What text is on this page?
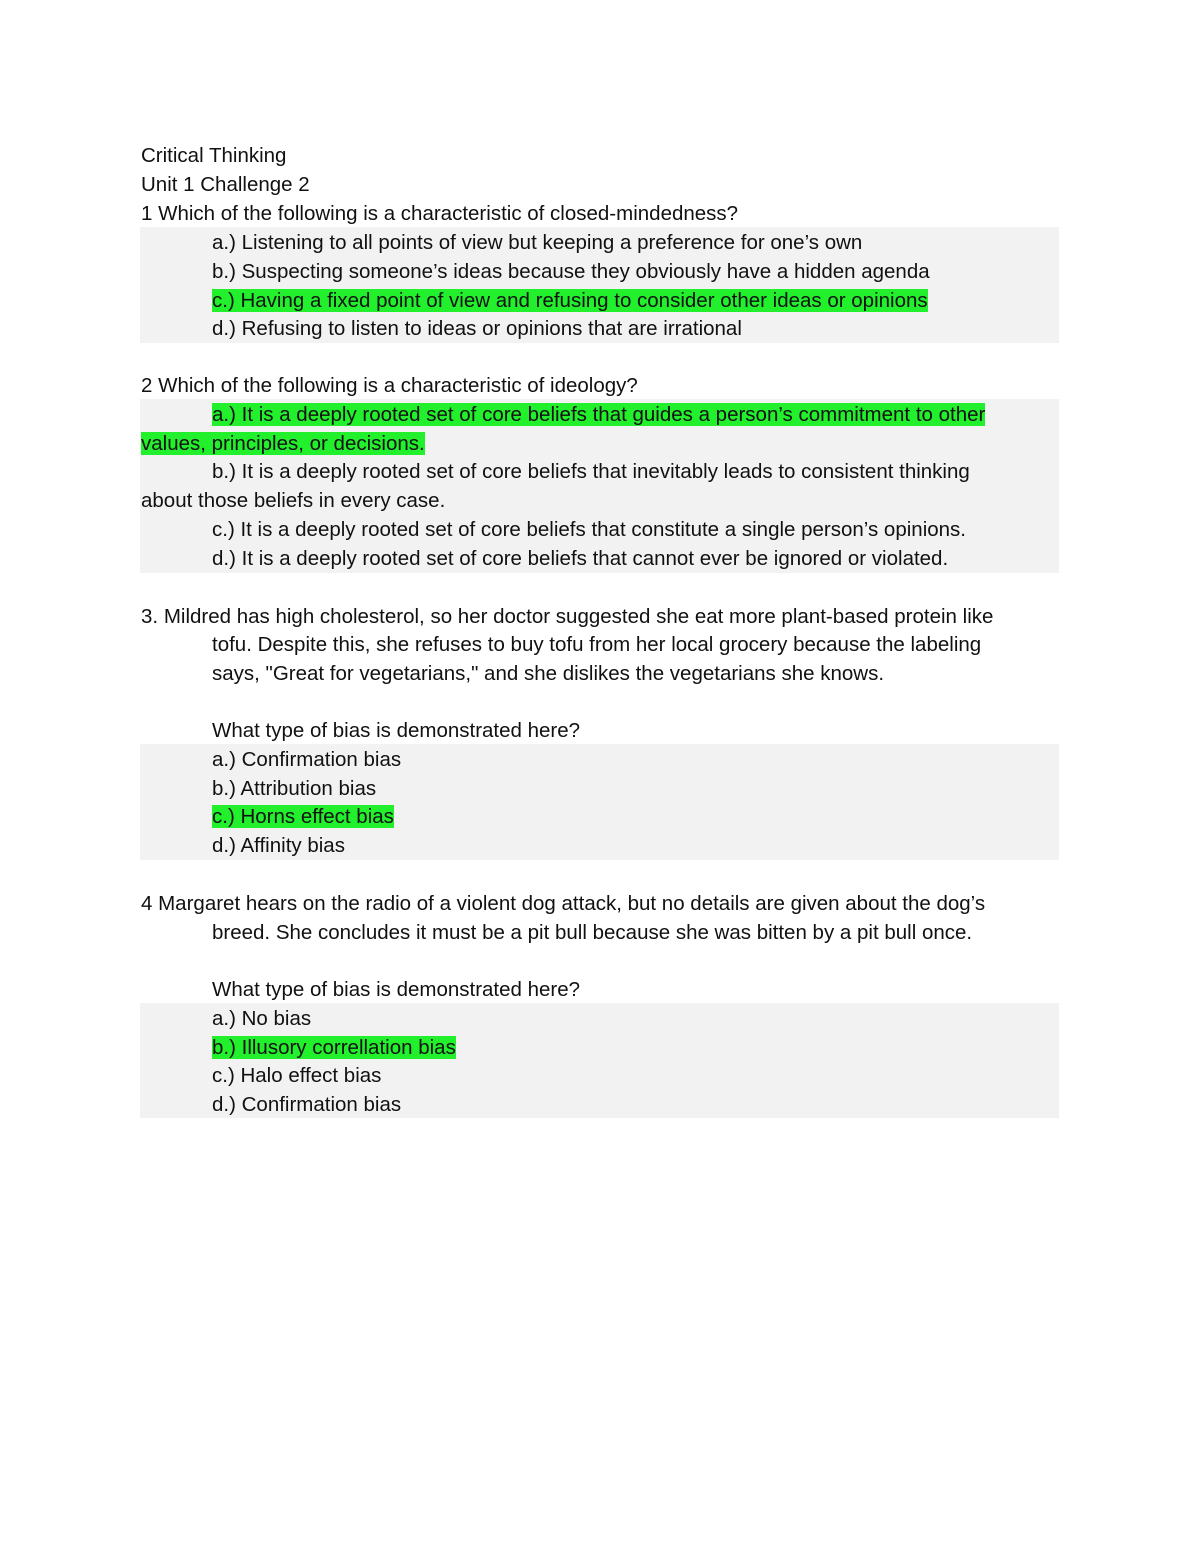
Critical Thinking
Unit 1 Challenge 2
1 Which of the following is a characteristic of closed-mindedness?
a.) Listening to all points of view but keeping a preference for one’s own
b.) Suspecting someone’s ideas because they obviously have a hidden agenda
c.) Having a fixed point of view and refusing to consider other ideas or opinions
d.) Refusing to listen to ideas or opinions that are irrational
2 Which of the following is a characteristic of ideology?
a.) It is a deeply rooted set of core beliefs that guides a person’s commitment to other
values, principles, or decisions.
b.) It is a deeply rooted set of core beliefs that inevitably leads to consistent thinking
about those beliefs in every case.
c.) It is a deeply rooted set of core beliefs that constitute a single person’s opinions.
d.) It is a deeply rooted set of core beliefs that cannot ever be ignored or violated.
3. Mildred has high cholesterol, so her doctor suggested she eat more plant-based protein like
tofu. Despite this, she refuses to buy tofu from her local grocery because the labeling
says, "Great for vegetarians," and she dislikes the vegetarians she knows.
What type of bias is demonstrated here?
a.) Confirmation bias
b.) Attribution bias
c.) Horns effect bias
d.) Affinity bias
4 Margaret hears on the radio of a violent dog attack, but no details are given about the dog’s
breed. She concludes it must be a pit bull because she was bitten by a pit bull once.
What type of bias is demonstrated here?
a.) No bias
b.) Illusory correllation bias
c.) Halo effect bias
d.) Confirmation bias
